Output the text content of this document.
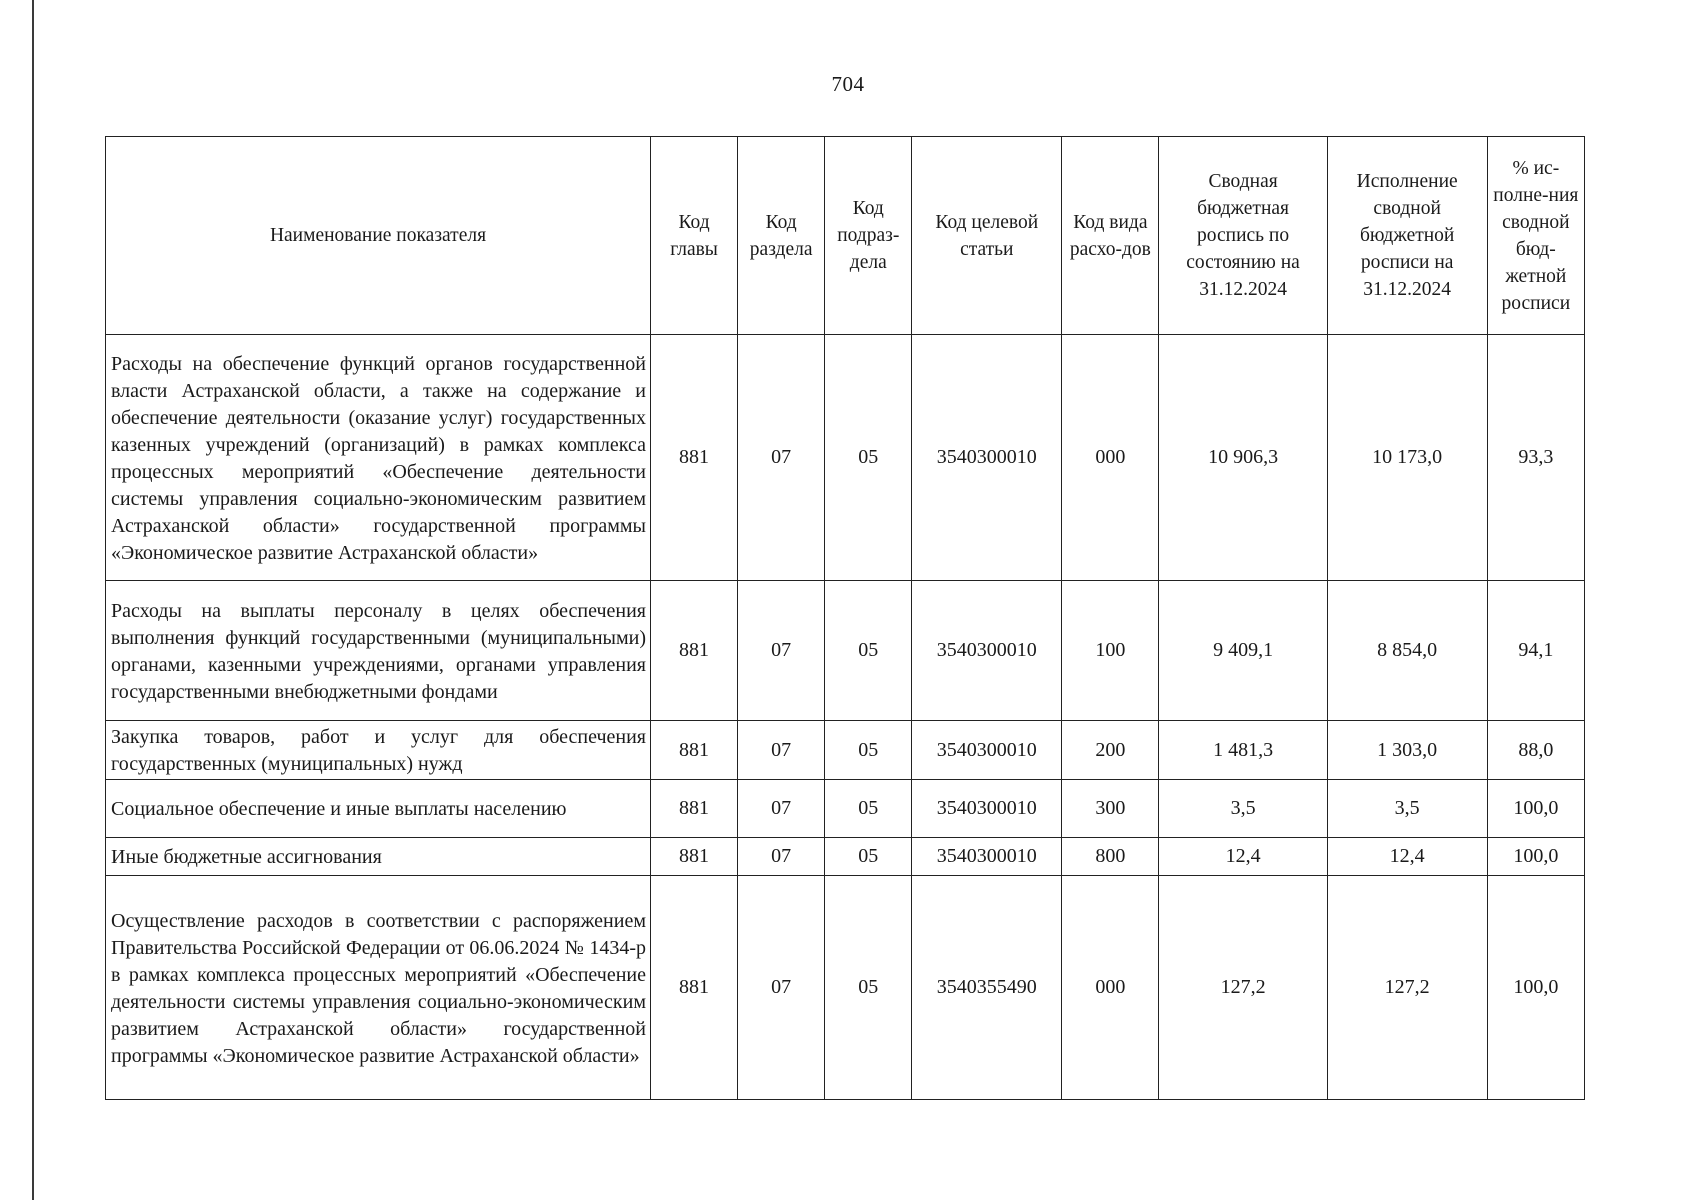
704
Наименование показателя	Код главы	Код раздела	Код подраз-дела	Код целевой статьи	Код вида расхо-дов	Сводная бюджетная роспись по состоянию на 31.12.2024	Исполнение сводной бюджетной росписи на 31.12.2024	% ис-полне-ния сводной бюд-жетной росписи
Расходы на обеспечение функций органов государственной власти Астраханской области, а также на содержание и обеспечение деятельности (оказание услуг) государственных казенных учреждений (организаций) в рамках комплекса процессных мероприятий «Обеспечение деятельности системы управления социально-экономическим развитием Астраханской области» государственной программы «Экономическое развитие Астраханской области»	881	07	05	3540300010	000	10 906,3	10 173,0	93,3
Расходы на выплаты персоналу в целях обеспечения выполнения функций государственными (муниципальными) органами, казенными учреждениями, органами управления государственными внебюджетными фондами	881	07	05	3540300010	100	9 409,1	8 854,0	94,1
Закупка товаров, работ и услуг для обеспечения государственных (муниципальных) нужд	881	07	05	3540300010	200	1 481,3	1 303,0	88,0
Социальное обеспечение и иные выплаты населению	881	07	05	3540300010	300	3,5	3,5	100,0
Иные бюджетные ассигнования	881	07	05	3540300010	800	12,4	12,4	100,0
Осуществление расходов в соответствии с распоряжением Правительства Российской Федерации от 06.06.2024 № 1434-р в рамках комплекса процессных мероприятий «Обеспечение деятельности системы управления социально-экономическим развитием Астраханской области» государственной программы «Экономическое развитие Астраханской области»	881	07	05	3540355490	000	127,2	127,2	100,0
